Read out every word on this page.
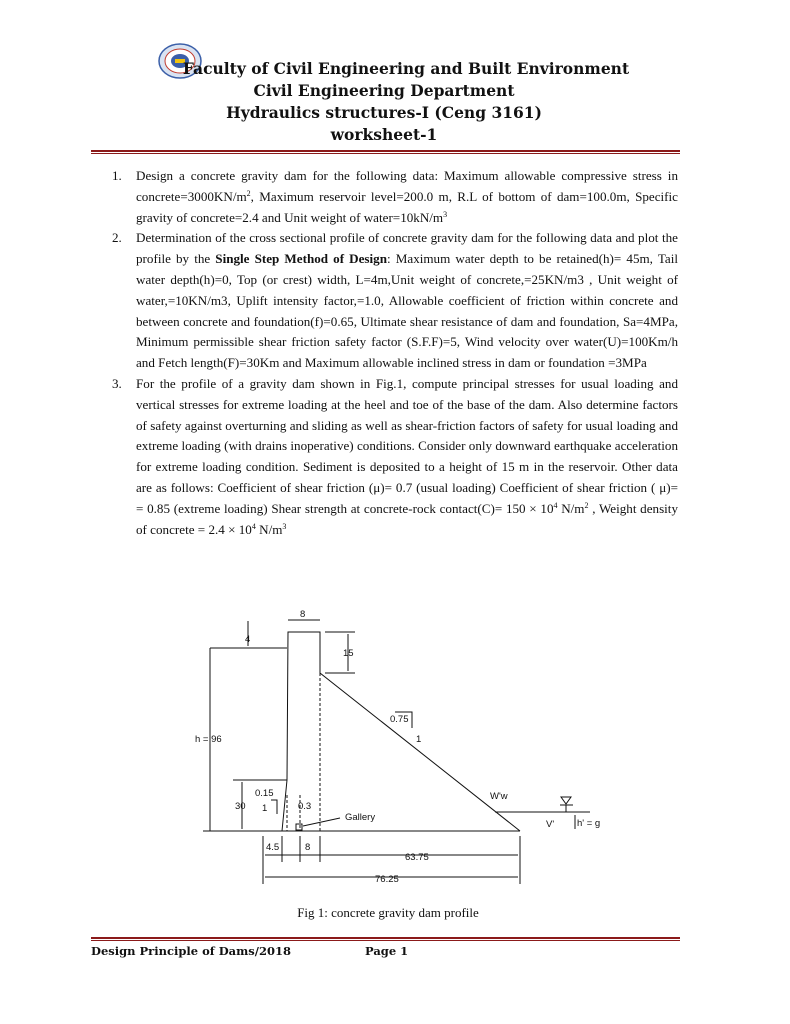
Faculty of Civil Engineering and Built Environment
Civil Engineering Department
Hydraulics structures-I (Ceng 3161)
worksheet-1
1.	Design a concrete gravity dam for the following data: Maximum allowable compressive stress in $concrete=3000KN/m^2$, Maximum reservoir level=200.0 m, R.L of bottom of dam=100.0m, Specific gravity of concrete=2.4 and Unit weight of $water=10kN/m^3$
2.	Determination of the cross sectional profile of concrete gravity dam for the following data and plot the profile by the Single Step Method of Design: Maximum water depth to be retained(h)= 45m, Tail water depth(h)=0, Top (or crest) width, L=4m,Unit weight of concrete,=25KN/m3 , Unit weight of water,=10KN/m3, Uplift intensity factor,=1.0, Allowable coefficient of friction within concrete and between concrete and foundation(f)=0.65, Ultimate shear resistance of dam and foundation, Sa=4MPa, Minimum permissible shear friction safety factor (S.F.F)=5, Wind velocity over water(U)=100Km/h and Fetch length(F)=30Km and Maximum allowable inclined stress in dam or foundation =3MPa
3.	For the profile of a gravity dam shown in Fig.1, compute principal stresses for usual loading and vertical stresses for extreme loading at the heel and toe of the base of the dam. Also determine factors of safety against overturning and sliding as well as shear-friction factors of safety for usual loading and extreme loading (with drains inoperative) conditions. Consider only downward earthquake acceleration for extreme loading condition. Sediment is deposited to a height of 15 m in the reservoir. Other data are as follows: Coefficient of shear friction (μ)= 0.7 (usual loading) Coefficient of shear friction ( μ)= = 0.85 (extreme loading) Shear strength at concrete-rock contact(C)= $150 \times 10^4$ $N/m^2$ , Weight density of concrete = $2.4 \times 10^4$ $N/m^3$
8
4
15
h = 96
0.75
1
0.15
1
30	0.3
Gallery
W'w
V' h' = g
4.5	8
63.75
76.25
Fig 1: concrete gravity dam profile
Design Principle of Dams/2018	Page 1
